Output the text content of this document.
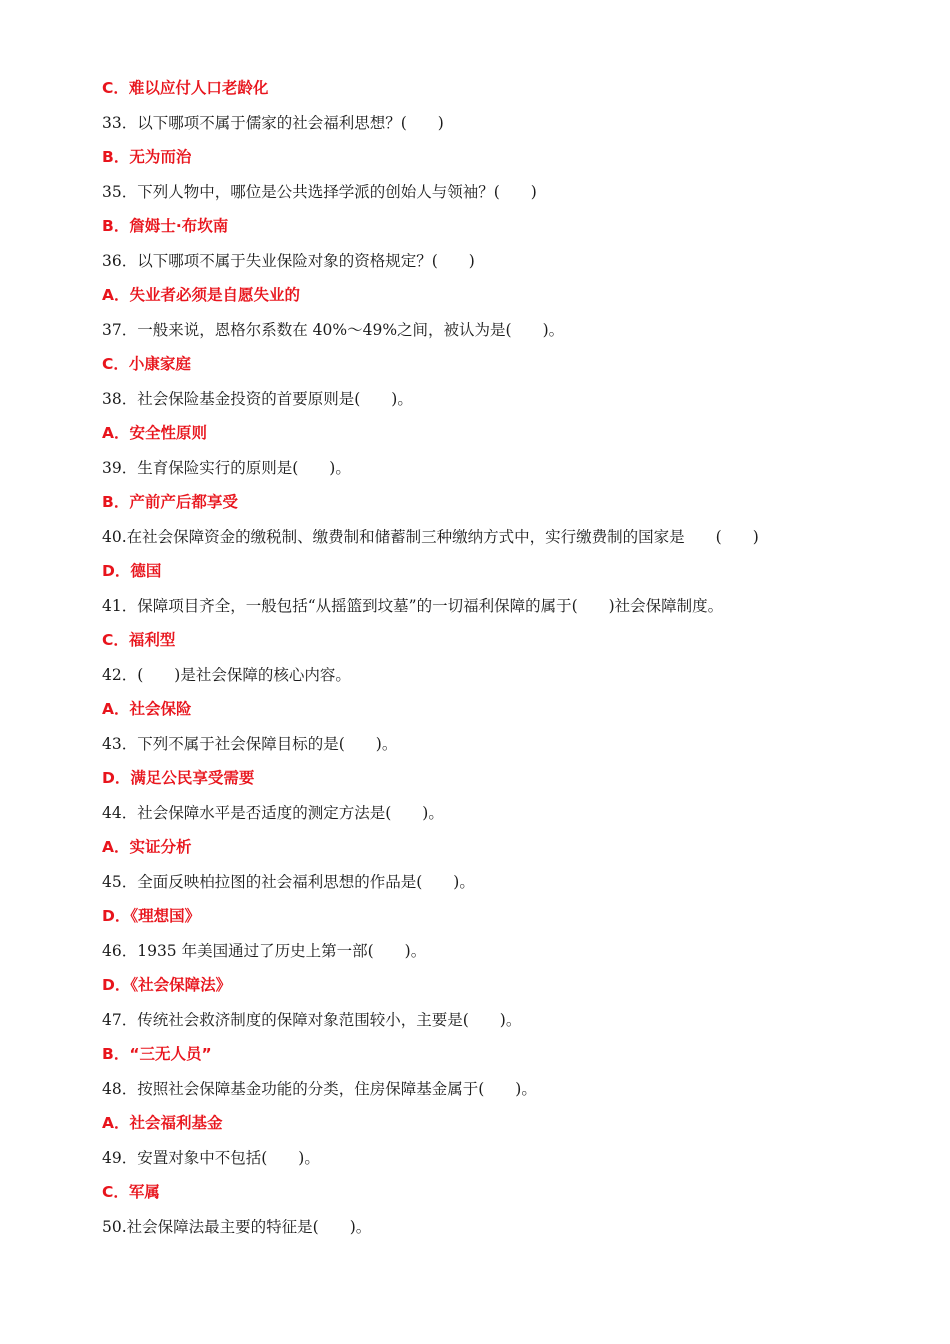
C．难以应付人口老龄化
33．以下哪项不属于儒家的社会福利思想？(　　)
B．无为而治
35．下列人物中，哪位是公共选择学派的创始人与领袖？(　　)
B．詹姆士·布坎南
36．以下哪项不属于失业保险对象的资格规定？(　　)
A．失业者必须是自愿失业的
37．一般来说，恩格尔系数在 40%～49%之间，被认为是(　　)。
C．小康家庭
38．社会保险基金投资的首要原则是(　　)。
A．安全性原则
39．生育保险实行的原则是(　　)。
B．产前产后都享受
40.在社会保障资金的缴税制、缴费制和储蓄制三种缴纳方式中，实行缴费制的国家是　　(　　)
D．德国
41．保障项目齐全，一般包括“从摇篮到坟墓”的一切福利保障的属于(　　)社会保障制度。
C．福利型
42．(　　)是社会保障的核心内容。
A．社会保险
43．下列不属于社会保障目标的是(　　)。
D．满足公民享受需要
44．社会保障水平是否适度的测定方法是(　　)。
A．实证分析
45．全面反映柏拉图的社会福利思想的作品是(　　)。
D．《理想国》
46．1935 年美国通过了历史上第一部(　　)。
D．《社会保障法》
47．传统社会救济制度的保障对象范围较小，主要是(　　)。
B．“三无人员”
48．按照社会保障基金功能的分类，住房保障基金属于(　　)。
A．社会福利基金
49．安置对象中不包括(　　)。
C．军属
50.社会保障法最主要的特征是(　　)。
